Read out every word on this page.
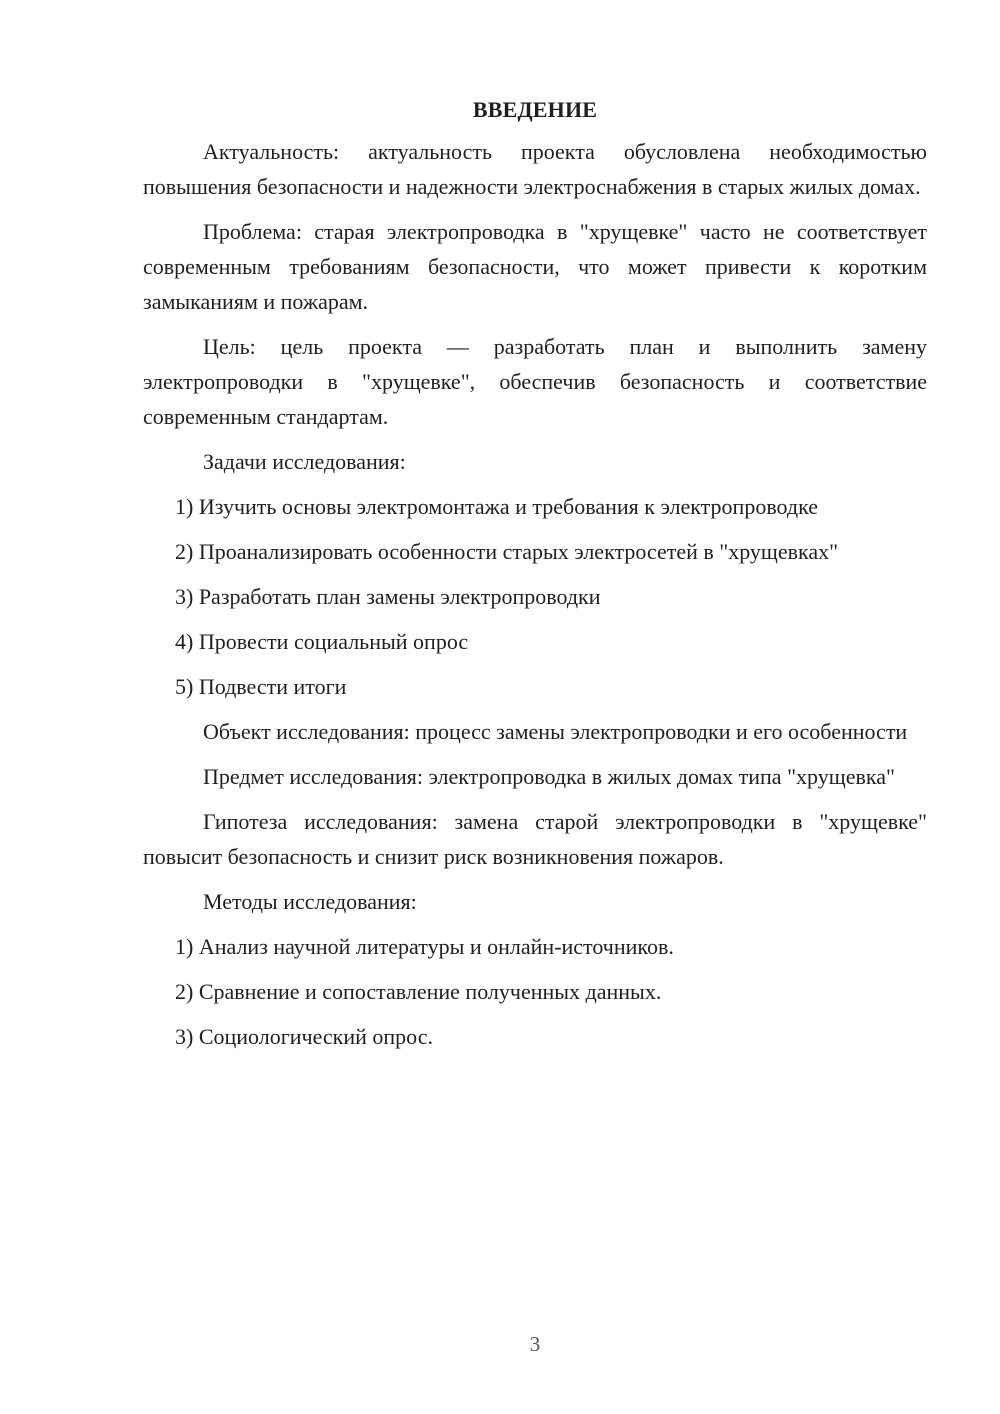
ВВЕДЕНИЕ

Актуальность: актуальность проекта обусловлена необходимостью повышения безопасности и надежности электроснабжения в старых жилых домах.

Проблема: старая электропроводка в "хрущевке" часто не соответствует современным требованиям безопасности, что может привести к коротким замыканиям и пожарам.

Цель: цель проекта — разработать план и выполнить замену электропроводки в "хрущевке", обеспечив безопасность и соответствие современным стандартам.

Задачи исследования:
1) Изучить основы электромонтажа и требования к электропроводке
2) Проанализировать особенности старых электросетей в "хрущевках"
3) Разработать план замены электропроводки
4) Провести социальный опрос
5) Подвести итоги

Объект исследования: процесс замены электропроводки и его особенности

Предмет исследования: электропроводка в жилых домах типа "хрущевка"

Гипотеза исследования: замена старой электропроводки в "хрущевке" повысит безопасность и снизит риск возникновения пожаров.

Методы исследования:
1) Анализ научной литературы и онлайн-источников.
2) Сравнение и сопоставление полученных данных.
3) Социологический опрос.
3
